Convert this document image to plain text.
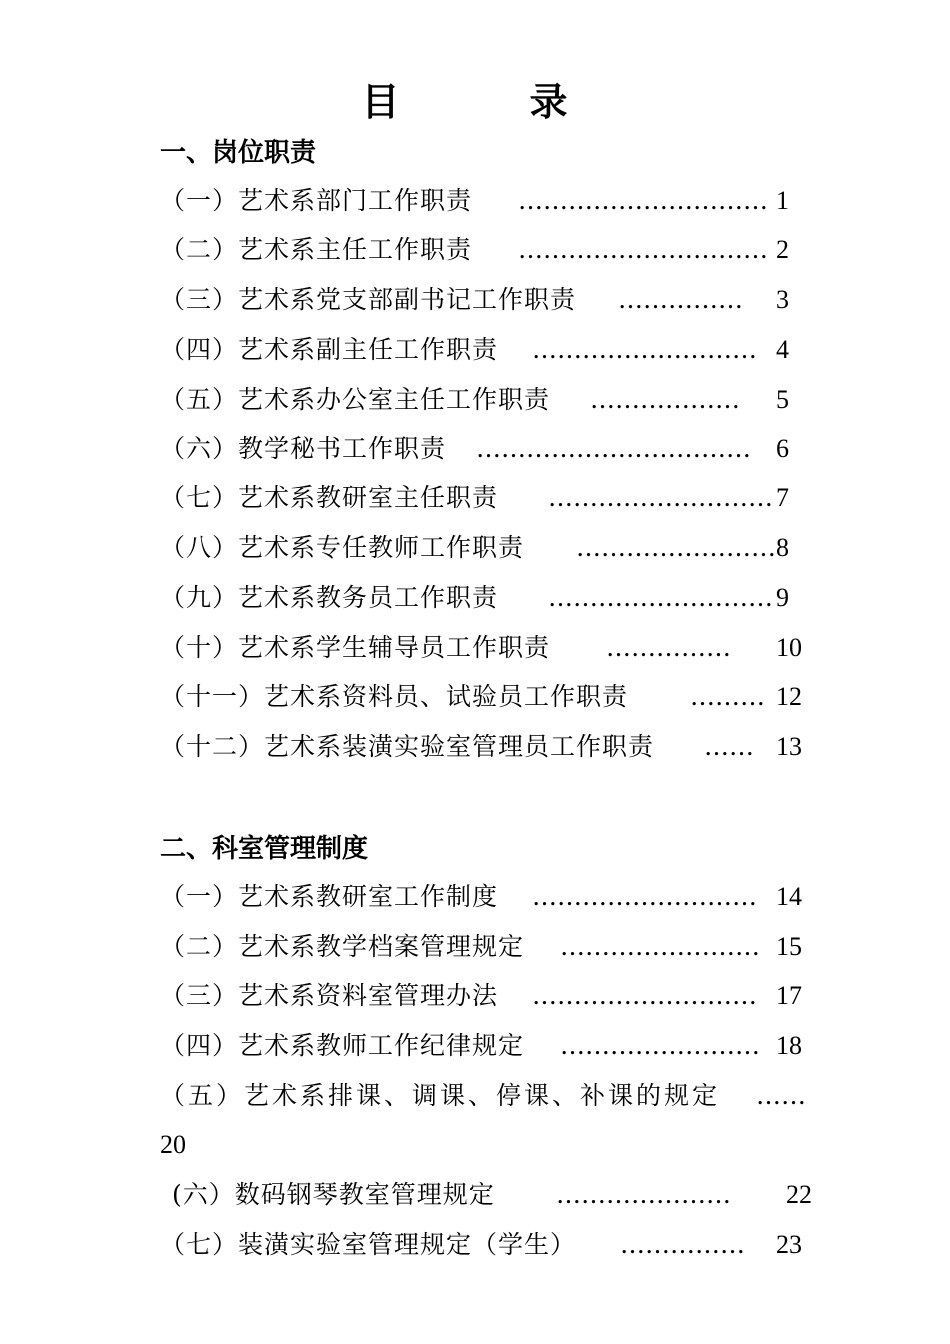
目　录
一、岗位职责
（一）艺术系部门工作职责 ………………………… 1
（二）艺术系主任工作职责 ………………………… 2
（三）艺术系党支部副书记工作职责 …………… 3
（四）艺术系副主任工作职责 ……………………… 4
（五）艺术系办公室主任工作职责 ……………… 5
（六）教学秘书工作职责 …………………………… 6
（七）艺术系教研室主任职责 ……………………… 7
（八）艺术系专任教师工作职责 …………………… 8
（九）艺术系教务员工作职责 ……………………… 9
（十）艺术系学生辅导员工作职责 …………… 10
（十一）艺术系资料员、试验员工作职责 ……… 12
（十二）艺术系装潢实验室管理员工作职责 …… 13
二、科室管理制度
（一）艺术系教研室工作制度 ……………………… 14
（二）艺术系教学档案管理规定 …………………… 15
（三）艺术系资料室管理办法 ……………………… 17
（四）艺术系教师工作纪律规定 …………………… 18
（五）艺术系排课、调课、停课、补课的规定 ……
20
(六）数码钢琴教室管理规定　 ………………… 22
（七）装潢实验室管理规定（学生） …………… 23
